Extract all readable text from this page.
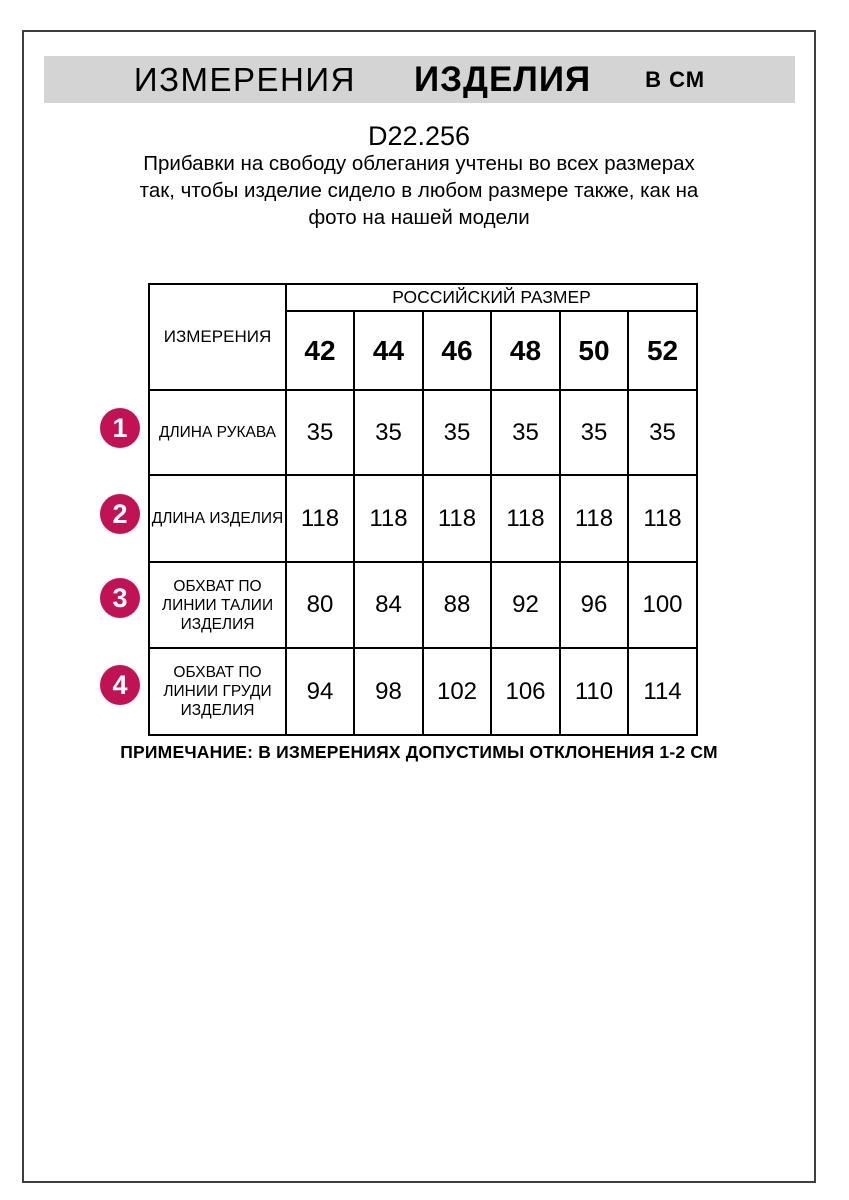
ИЗМЕРЕНИЯ ИЗДЕЛИЯ В СМ
D22.256
Прибавки на свободу облегания учтены во всех размерах
так, чтобы изделие сидело в любом размере также, как на
фото на нашей модели
ИЗМЕРЕНИЯ	РОССИЙСКИЙ РАЗМЕР					
	42	44	46	48	50	52
ДЛИНА РУКАВА	35	35	35	35	35	35
ДЛИНА ИЗДЕЛИЯ	118	118	118	118	118	118
ОБХВАТ ПО ЛИНИИ ТАЛИИ ИЗДЕЛИЯ	80	84	88	92	96	100
ОБХВАТ ПО ЛИНИИ ГРУДИ ИЗДЕЛИЯ	94	98	102	106	110	114
1
2
3
4
ПРИМЕЧАНИЕ: В ИЗМЕРЕНИЯХ ДОПУСТИМЫ ОТКЛОНЕНИЯ 1-2 СМ
